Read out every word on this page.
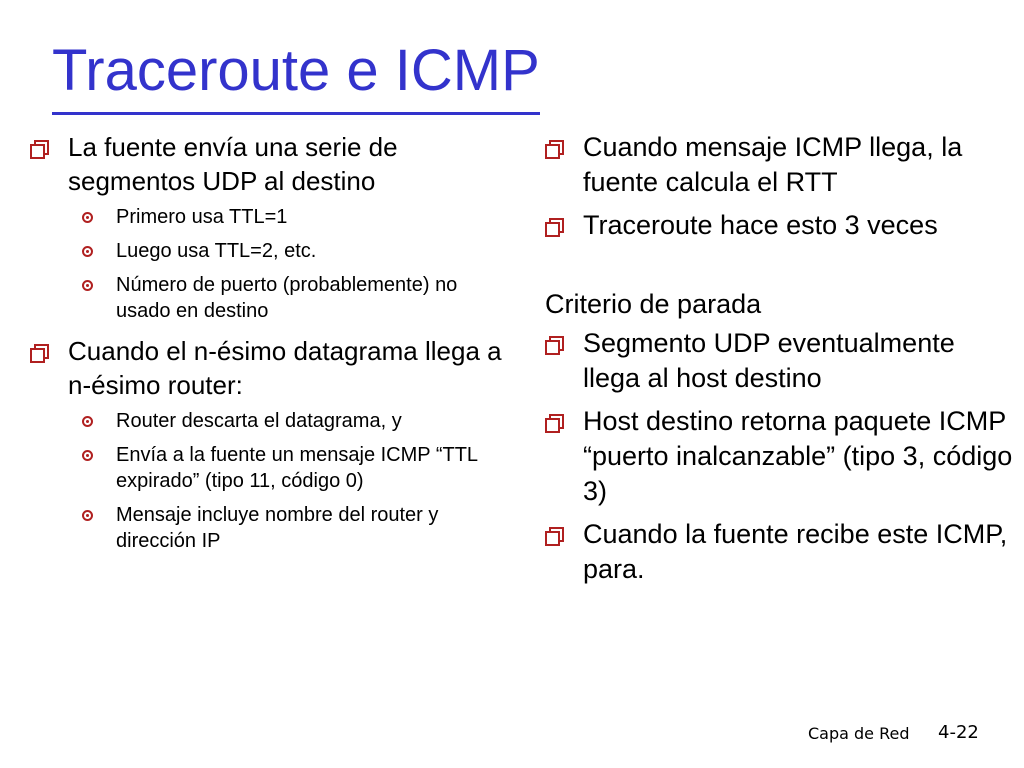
Traceroute e ICMP
La fuente envía una serie de segmentos UDP al destino
Primero usa TTL=1
Luego usa TTL=2, etc.
Número de puerto (probablemente) no usado en destino
Cuando el n-ésimo datagrama llega a n-ésimo router:
Router descarta el datagrama, y
Envía a la fuente un mensaje ICMP “TTL expirado” (tipo 11, código 0)
Mensaje incluye nombre del router y dirección IP
Cuando mensaje ICMP llega, la fuente calcula el RTT
Traceroute hace esto 3 veces
Criterio de parada
Segmento UDP eventualmente llega al host destino
Host destino retorna paquete ICMP “puerto inalcanzable” (tipo 3, código 3)
Cuando la fuente recibe este ICMP, para.
Capa de Red 4-22
